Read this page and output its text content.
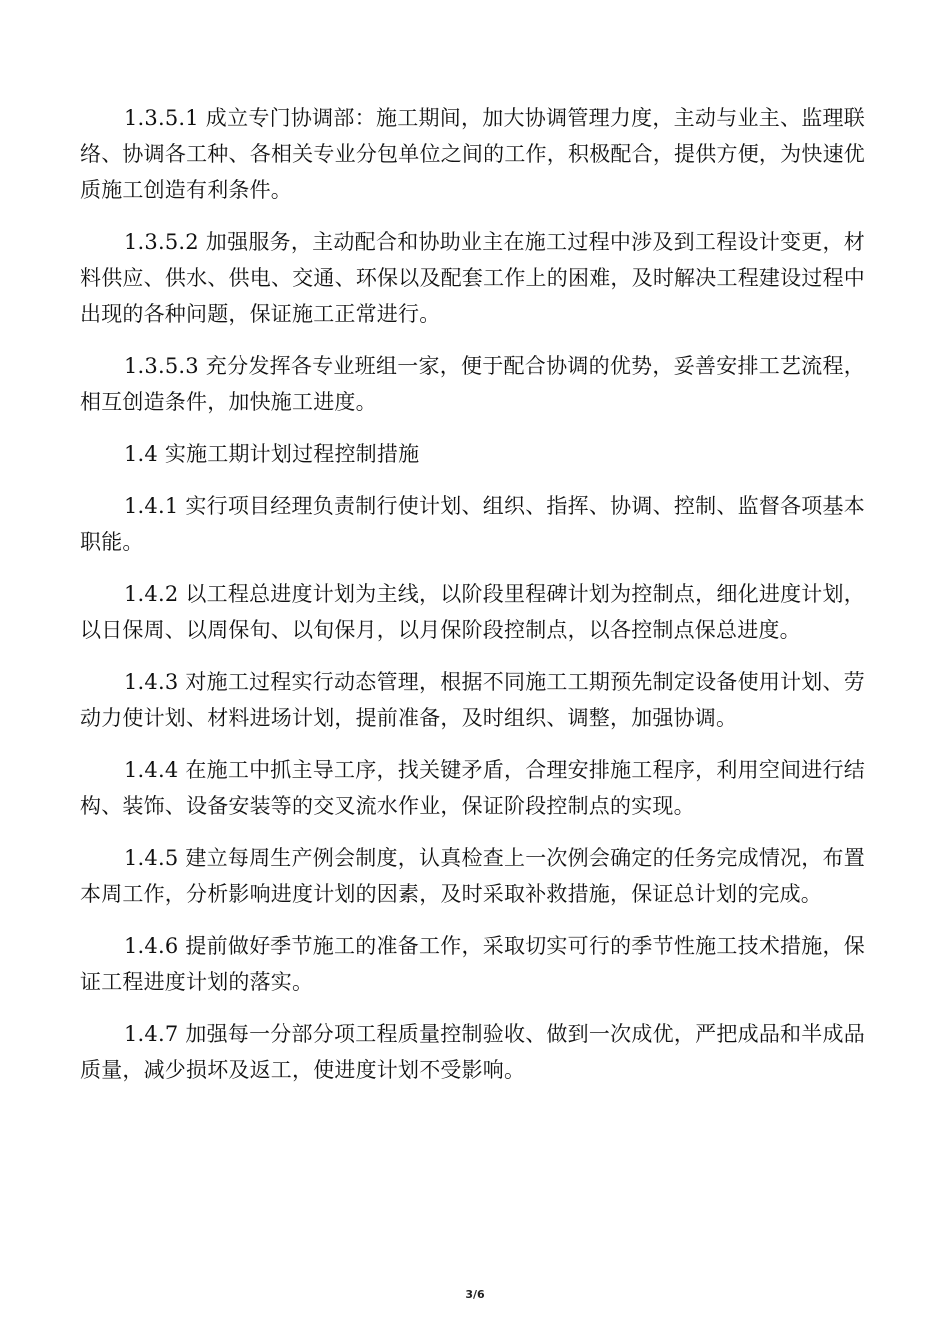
1.3.5.1 成立专门协调部：施工期间，加大协调管理力度，主动与业主、监理联络、协调各工种、各相关专业分包单位之间的工作，积极配合，提供方便，为快速优质施工创造有利条件。

1.3.5.2 加强服务，主动配合和协助业主在施工过程中涉及到工程设计变更，材料供应、供水、供电、交通、环保以及配套工作上的困难，及时解决工程建设过程中出现的各种问题，保证施工正常进行。

1.3.5.3 充分发挥各专业班组一家，便于配合协调的优势，妥善安排工艺流程，相互创造条件，加快施工进度。

1.4 实施工期计划过程控制措施

1.4.1 实行项目经理负责制行使计划、组织、指挥、协调、控制、监督各项基本职能。

1.4.2 以工程总进度计划为主线，以阶段里程碑计划为控制点，细化进度计划，以日保周、以周保旬、以旬保月，以月保阶段控制点，以各控制点保总进度。

1.4.3 对施工过程实行动态管理，根据不同施工工期预先制定设备使用计划、劳动力使计划、材料进场计划，提前准备，及时组织、调整，加强协调。

1.4.4 在施工中抓主导工序，找关键矛盾，合理安排施工程序，利用空间进行结构、装饰、设备安装等的交叉流水作业，保证阶段控制点的实现。

1.4.5 建立每周生产例会制度，认真检查上一次例会确定的任务完成情况，布置本周工作，分析影响进度计划的因素，及时采取补救措施，保证总计划的完成。

1.4.6 提前做好季节施工的准备工作，采取切实可行的季节性施工技术措施，保证工程进度计划的落实。

1.4.7 加强每一分部分项工程质量控制验收、做到一次成优，严把成品和半成品质量，减少损坏及返工，使进度计划不受影响。

3/6
